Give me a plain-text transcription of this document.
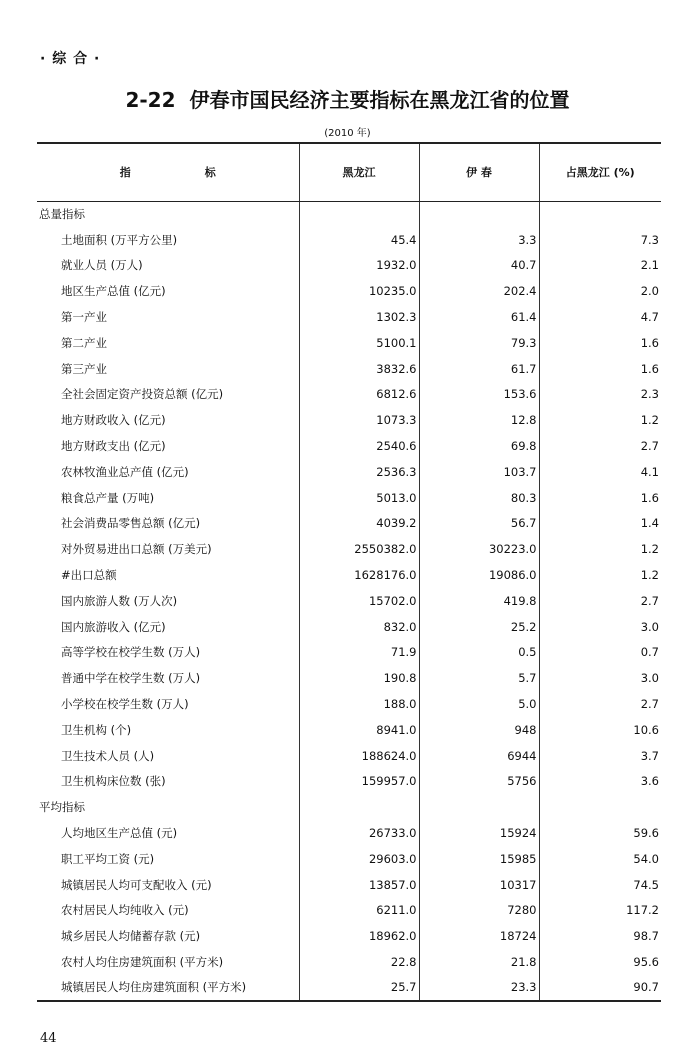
· 综 合 ·
2-22 伊春市国民经济主要指标在黑龙江省的位置
(2010 年)
指 标	黑龙江	伊 春	占黑龙江 (%)
总量指标			
土地面积 (万平方公里)	45.4	3.3	7.3
就业人员 (万人)	1932.0	40.7	2.1
地区生产总值 (亿元)	10235.0	202.4	2.0
第一产业	1302.3	61.4	4.7
第二产业	5100.1	79.3	1.6
第三产业	3832.6	61.7	1.6
全社会固定资产投资总额 (亿元)	6812.6	153.6	2.3
地方财政收入 (亿元)	1073.3	12.8	1.2
地方财政支出 (亿元)	2540.6	69.8	2.7
农林牧渔业总产值 (亿元)	2536.3	103.7	4.1
粮食总产量 (万吨)	5013.0	80.3	1.6
社会消费品零售总额 (亿元)	4039.2	56.7	1.4
对外贸易进出口总额 (万美元)	2550382.0	30223.0	1.2
#出口总额	1628176.0	19086.0	1.2
国内旅游人数 (万人次)	15702.0	419.8	2.7
国内旅游收入 (亿元)	832.0	25.2	3.0
高等学校在校学生数 (万人)	71.9	0.5	0.7
普通中学在校学生数 (万人)	190.8	5.7	3.0
小学校在校学生数 (万人)	188.0	5.0	2.7
卫生机构 (个)	8941.0	948	10.6
卫生技术人员 (人)	188624.0	6944	3.7
卫生机构床位数 (张)	159957.0	5756	3.6
平均指标			
人均地区生产总值 (元)	26733.0	15924	59.6
职工平均工资 (元)	29603.0	15985	54.0
城镇居民人均可支配收入 (元)	13857.0	10317	74.5
农村居民人均纯收入 (元)	6211.0	7280	117.2
城乡居民人均储蓄存款 (元)	18962.0	18724	98.7
农村人均住房建筑面积 (平方米)	22.8	21.8	95.6
城镇居民人均住房建筑面积 (平方米)	25.7	23.3	90.7
44
